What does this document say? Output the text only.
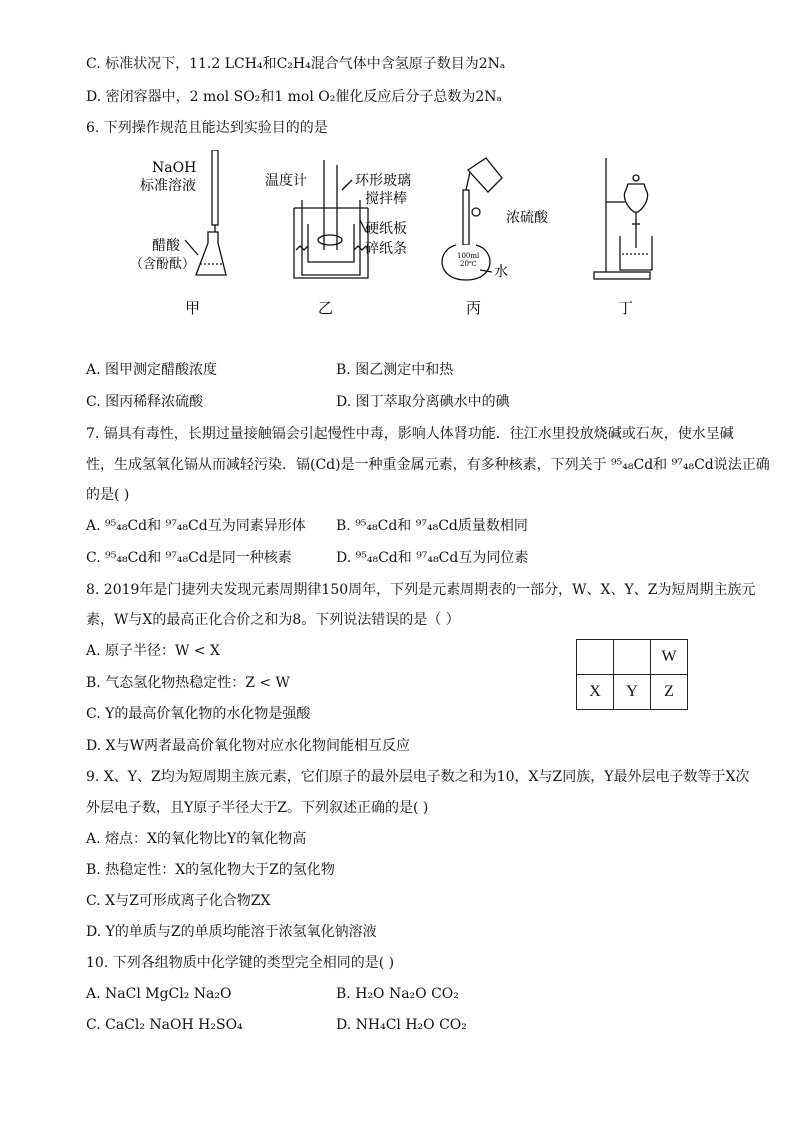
C. 标准状况下，11.2 LCH₄和C₂H₄混合气体中含氢原子数目为2Nₐ
D. 密闭容器中，2 mol SO₂和1 mol O₂催化反应后分子总数为2Nₐ
6. 下列操作规范且能达到实验目的的是
NaOH
标准溶液
醋酸
（含酚酞）
甲
温度计	环形玻璃
搅拌棒
硬纸板
碎纸条
乙
100ml
20℃
浓硫酸
水
丙	丁
A. 图甲测定醋酸浓度	B. 图乙测定中和热
C. 图丙稀释浓硫酸	D. 图丁萃取分离碘水中的碘
7. 镉具有毒性，长期过量接触镉会引起慢性中毒，影响人体肾功能．往江水里投放烧碱或石灰，使水呈碱
性，生成氢氧化镉从而减轻污染．镉(Cd)是一种重金属元素，有多种核素，下列关于 ⁹⁵₄₈Cd和 ⁹⁷₄₈Cd说法正确
的是( )
A. ⁹⁵₄₈Cd和 ⁹⁷₄₈Cd互为同素异形体 B. ⁹⁵₄₈Cd和 ⁹⁷₄₈Cd质量数相同
C. ⁹⁵₄₈Cd和 ⁹⁷₄₈Cd是同一种核素	D. ⁹⁵₄₈Cd和 ⁹⁷₄₈Cd互为同位素
8. 2019年是门捷列夫发现元素周期律150周年，下列是元素周期表的一部分，W、X、Y、Z为短周期主族元
素，W与X的最高正化合价之和为8。下列说法错误的是（ ）
A. 原子半径：W < X
B. 气态氢化物热稳定性：Z < W
C. Y的最高价氧化物的水化物是强酸
D. X与W两者最高价氧化物对应水化物间能相互反应
		W
X	Y	Z
9. X、Y、Z均为短周期主族元素，它们原子的最外层电子数之和为10，X与Z同族，Y最外层电子数等于X次
外层电子数，且Y原子半径大于Z。下列叙述正确的是( )
A. 熔点：X的氧化物比Y的氧化物高
B. 热稳定性：X的氢化物大于Z的氢化物
C. X与Z可形成离子化合物ZX
D. Y的单质与Z的单质均能溶于浓氢氧化钠溶液
10. 下列各组物质中化学键的类型完全相同的是( )
A. NaCl MgCl₂ Na₂O	B. H₂O Na₂O CO₂
C. CaCl₂ NaOH H₂SO₄	D. NH₄Cl H₂O CO₂
